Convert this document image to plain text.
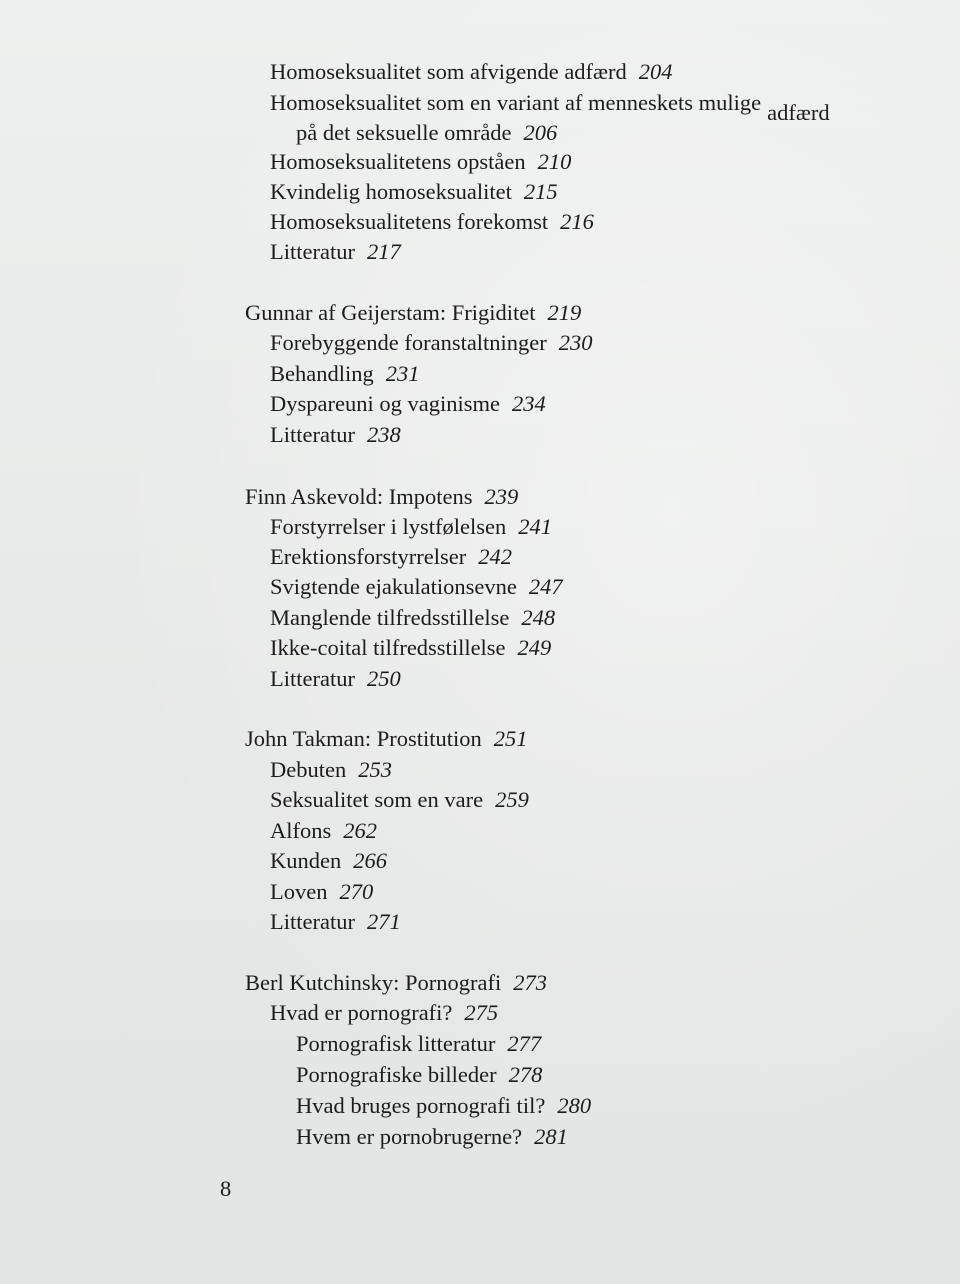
Homoseksualitet som afvigende adfærd 204
Homoseksualitet som en variant af menneskets mulige adfærd
på det seksuelle område 206
Homoseksualitetens opståen 210
Kvindelig homoseksualitet 215
Homoseksualitetens forekomst 216
Litteratur 217
Gunnar af Geijerstam: Frigiditet 219
Forebyggende foranstaltninger 230
Behandling 231
Dyspareuni og vaginisme 234
Litteratur 238
Finn Askevold: Impotens 239
Forstyrrelser i lystfølelsen 241
Erektionsforstyrrelser 242
Svigtende ejakulationsevne 247
Manglende tilfredsstillelse 248
Ikke-coital tilfredsstillelse 249
Litteratur 250
John Takman: Prostitution 251
Debuten 253
Seksualitet som en vare 259
Alfons 262
Kunden 266
Loven 270
Litteratur 271
Berl Kutchinsky: Pornografi 273
Hvad er pornografi? 275
Pornografisk litteratur 277
Pornografiske billeder 278
Hvad bruges pornografi til? 280
Hvem er pornobrugerne? 281
8
